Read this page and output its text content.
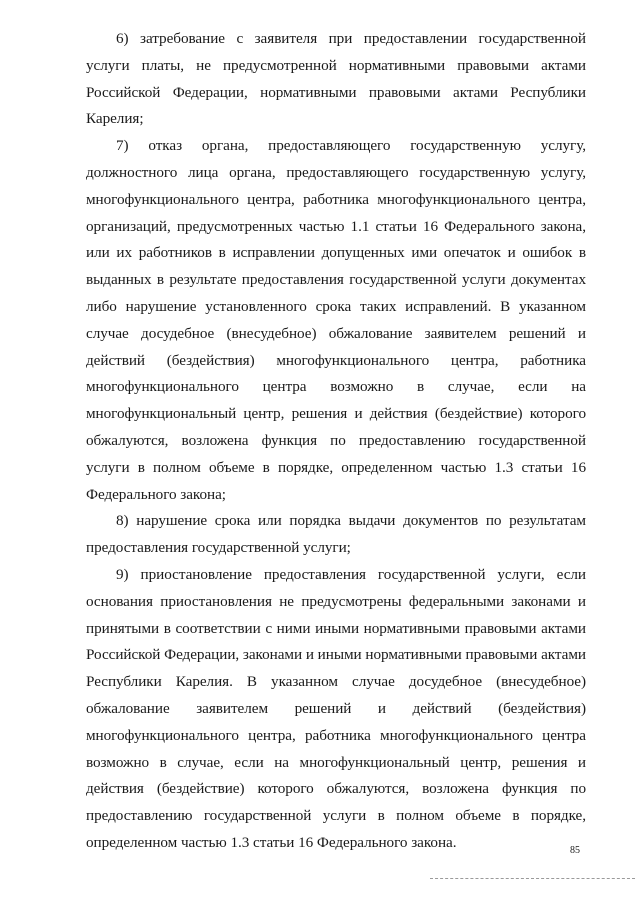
6) затребование с заявителя при предоставлении государственной услуги платы, не предусмотренной нормативными правовыми актами Российской Федерации, нормативными правовыми актами Республики Карелия;

7) отказ органа, предоставляющего государственную услугу, должностного лица органа, предоставляющего государственную услугу, многофункционального центра, работника многофункционального центра, организаций, предусмотренных частью 1.1 статьи 16 Федерального закона, или их работников в исправлении допущенных ими опечаток и ошибок в выданных в результате предоставления государственной услуги документах либо нарушение установленного срока таких исправлений. В указанном случае досудебное (внесудебное) обжалование заявителем решений и действий (бездействия) многофункционального центра, работника многофункционального центра возможно в случае, если на многофункциональный центр, решения и действия (бездействие) которого обжалуются, возложена функция по предоставлению государственной услуги в полном объеме в порядке, определенном частью 1.3 статьи 16 Федерального закона;

8) нарушение срока или порядка выдачи документов по результатам предоставления государственной услуги;

9) приостановление предоставления государственной услуги, если основания приостановления не предусмотрены федеральными законами и принятыми в соответствии с ними иными нормативными правовыми актами Российской Федерации, законами и иными нормативными правовыми актами Республики Карелия. В указанном случае досудебное (внесудебное) обжалование заявителем решений и действий (бездействия) многофункционального центра, работника многофункционального центра возможно в случае, если на многофункциональный центр, решения и действия (бездействие) которого обжалуются, возложена функция по предоставлению государственной услуги в полном объеме в порядке, определенном частью 1.3 статьи 16 Федерального закона.	85
